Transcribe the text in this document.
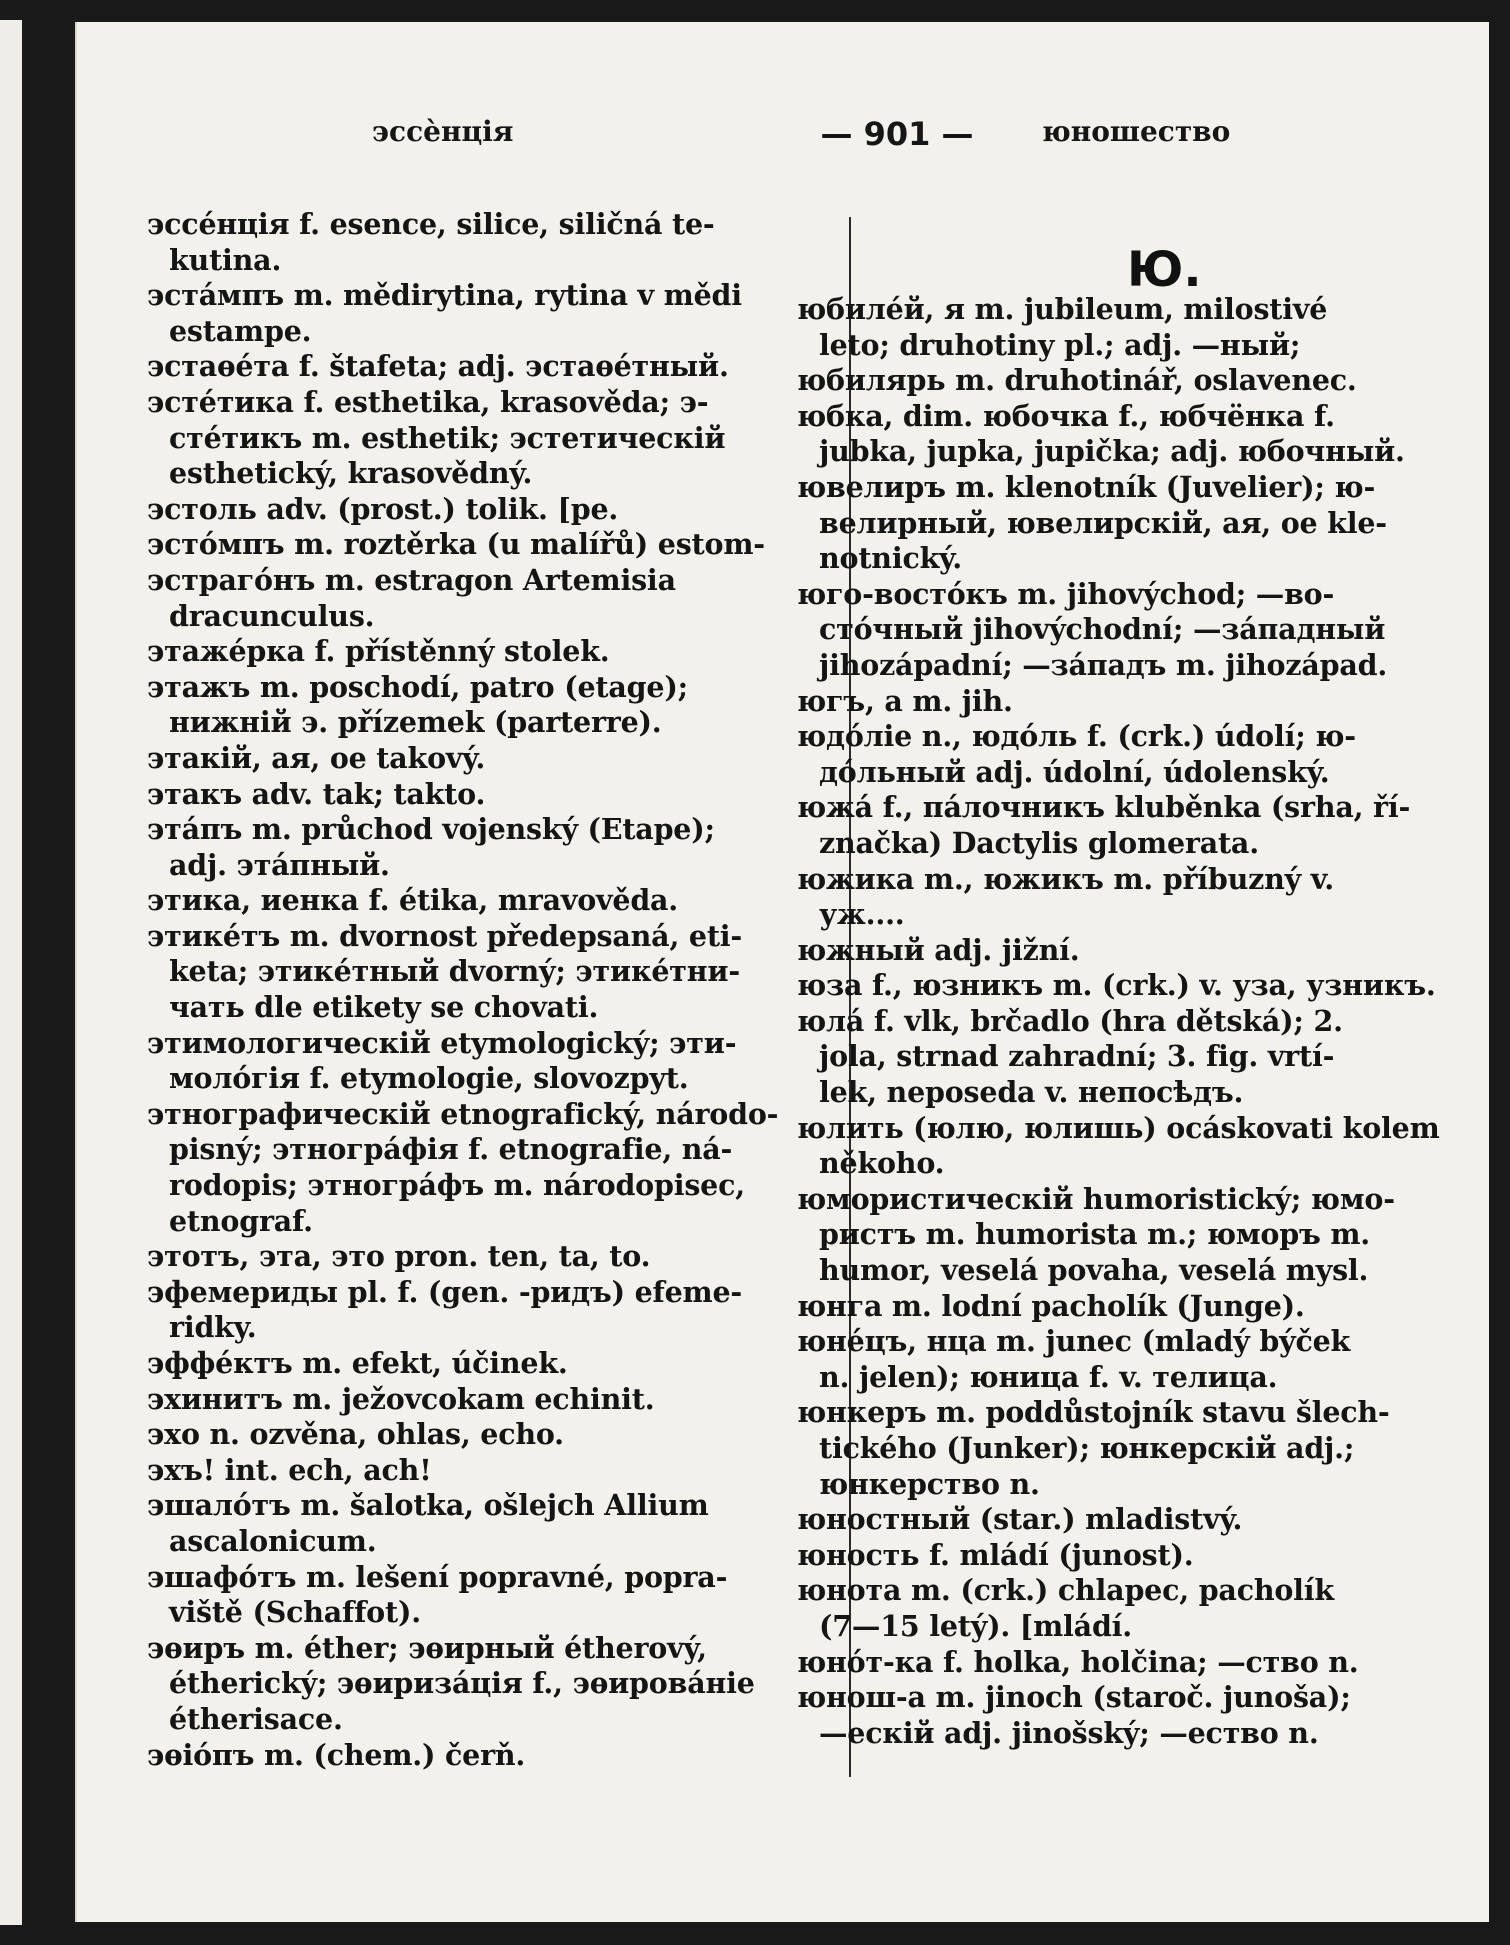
эссѐнція	— 901 —	юношество
эссéнція f. esence, silice, siličná te-
kutina.
эстáмпъ m. mědirytina, rytina v mědi
estampe.
эстаѳéта f. štafeta; adj. эстаѳéтный.
эстéтика f. esthetika, krasověda; э-
стéтикъ m. esthetik; эстетическій
esthetický, krasovědný.
эстоль adv. (prost.) tolik. [pe.
эстóмпъ m. roztěrka (u malířů) estom-
эстрагóнъ m. estragon Artemisia
dracunculus.
этажéрка f. přístěnný stolek.
этажъ m. poschodí, patro (etage);
нижній э. přízemek (parterre).
этакій, ая, ое takový.
этакъ adv. tak; takto.
этáпъ m. průchod vojenský (Etape);
adj. этáпный.
этика, иенка f. étika, mravověda.
этикéтъ m. dvornost předepsaná, eti-
keta; этикéтный dvorný; этикéтни-
чать dle etikety se chovati.
этимологическій etymologický; эти-
молóгія f. etymologie, slovozpyt.
этнографическій etnografický, národo-
pisný; этногрáфія f. etnografie, ná-
rodopis; этногрáфъ m. národopisec,
etnograf.
этотъ, эта, это pron. ten, ta, to.
эфемериды pl. f. (gen. -ридъ) efeme-
ridky.
эффéктъ m. efekt, účinek.
эхинитъ m. ježovcokam echinit.
эхо n. ozvěna, ohlas, echo.
эхъ! int. ech, ach!
эшалóтъ m. šalotka, ošlejch Allium
ascalonicum.
эшафóтъ m. lešení popravné, popra-
viště (Schaffot).
эѳиръ m. éther; эѳирный étherový,
étherický; эѳиризáція f., эѳировáніе
étherisace.
эѳіóпъ m. (chem.) čerň.
Ю.
юбилéй, я m. jubileum, milostivé
leto; druhotiny pl.; adj. —ный;
юбилярь m. druhotinář, oslavenec.
юбка, dim. юбочка f., юбчёнка f.
jubka, jupka, jupička; adj. юбочный.
ювелиръ m. klenotník (Juvelier); ю-
велирный, ювелирскій, ая, ое kle-
notnický.
юго-востóкъ m. jihovýchod; —во-
стóчный jihovýchodní; —зáпадный
jihozápadní; —зáпадъ m. jihozápad.
югъ, а m. jih.
юдóліе n., юдóль f. (crk.) údolí; ю-
дóльный adj. údolní, údolenský.
южá f., пáлочникъ kluběnka (srha, ří-
značka) Dactylis glomerata.
южика m., южикъ m. příbuzný v.
уж....
южный adj. jižní.
юза f., юзникъ m. (crk.) v. уза, узникъ.
юлá f. vlk, brčadlo (hra dětská); 2.
jola, strnad zahradní; 3. fig. vrtí-
lek, neposeda v. непосѣдъ.
юлить (юлю, юлишь) ocáskovati kolem
někoho.
юмористическій humoristický; юмо-
ристъ m. humorista m.; юморъ m.
humor, veselá povaha, veselá mysl.
юнга m. lodní pacholík (Junge).
юнéцъ, нца m. junec (mladý býček
n. jelen); юница f. v. телица.
юнкеръ m. poddůstojník stavu šlech-
tického (Junker); юнкерскій adj.;
юнкерство n.
юностный (star.) mladistvý.
юность f. mládí (junost).
юнота m. (crk.) chlapec, pacholík
(7—15 letý). [mládí.
юнóт-ка f. holka, holčina; —ство n.
юнош-а m. jinoch (staroč. junoša);
—ескій adj. jinošský; —ество n.
